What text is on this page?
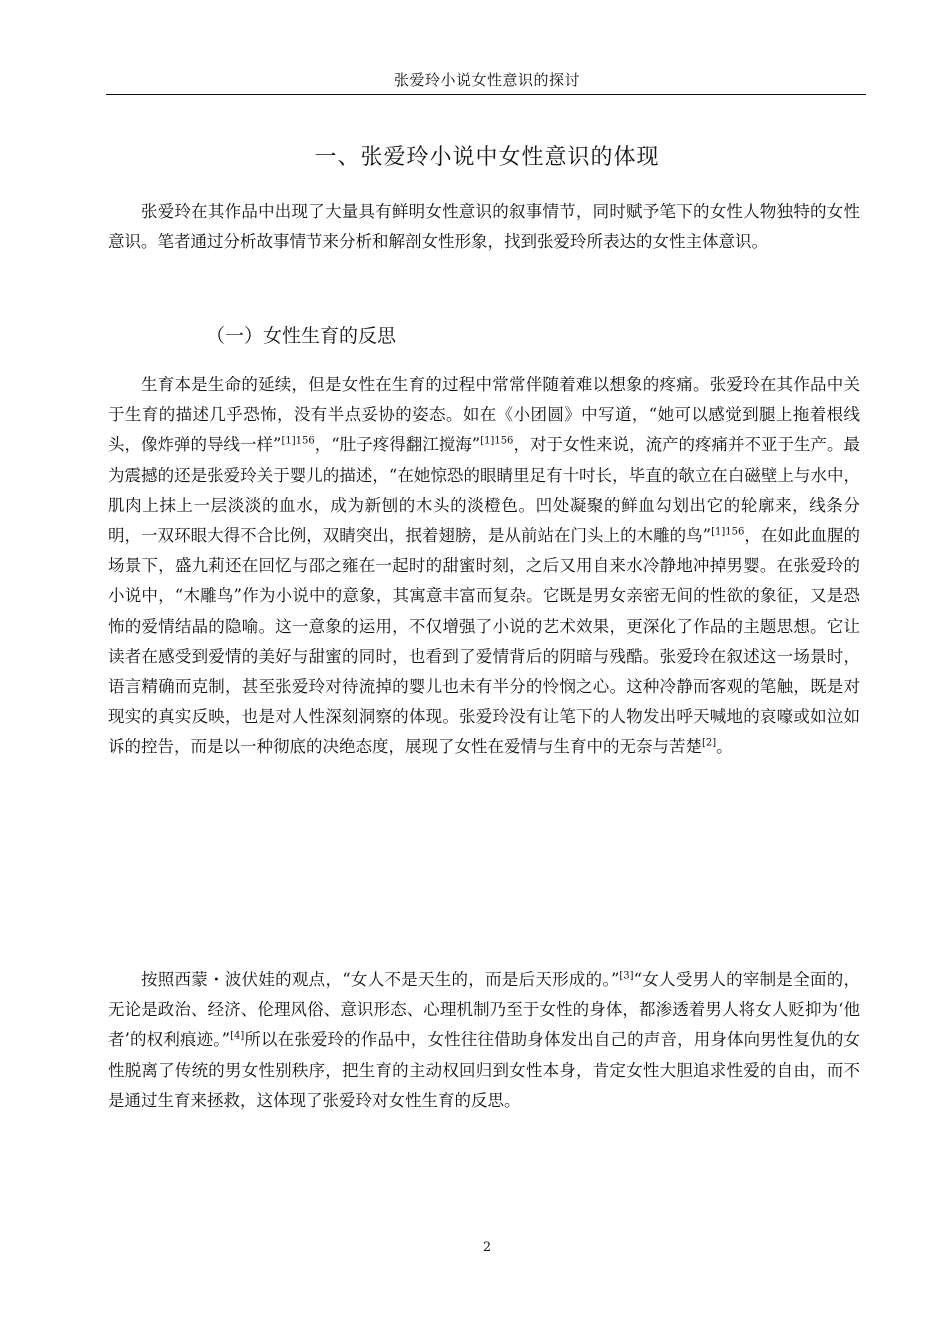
张爱玲小说女性意识的探讨
一、张爱玲小说中女性意识的体现

张爱玲在其作品中出现了大量具有鲜明女性意识的叙事情节，同时赋予笔下的女性人物独特的女性意识。笔者通过分析故事情节来分析和解剖女性形象，找到张爱玲所表达的女性主体意识。

（一）女性生育的反思

生育本是生命的延续，但是女性在生育的过程中常常伴随着难以想象的疼痛。张爱玲在其作品中关于生育的描述几乎恐怖，没有半点妥协的姿态。如在《小团圆》中写道，“她可以感觉到腿上拖着根线头，像炸弹的导线一样”$^{[1]156}$，“肚子疼得翻江搅海”$^{[1]156}$，对于女性来说，流产的疼痛并不亚于生产。最为震撼的还是张爱玲关于婴儿的描述，“在她惊恐的眼睛里足有十吋长，毕直的欹立在白磁壁上与水中，肌肉上抹上一层淡淡的血水，成为新刨的木头的淡橙色。凹处凝聚的鲜血勾划出它的轮廓来，线条分明，一双环眼大得不合比例，双睛突出，抿着翅膀，是从前站在门头上的木雕的鸟”$^{[1]156}$，在如此血腥的场景下，盛九莉还在回忆与邵之雍在一起时的甜蜜时刻，之后又用自来水冷静地冲掉男婴。在张爱玲的小说中，“木雕鸟”作为小说中的意象，其寓意丰富而复杂。它既是男女亲密无间的性欲的象征，又是恐怖的爱情结晶的隐喻。这一意象的运用，不仅增强了小说的艺术效果，更深化了作品的主题思想。它让读者在感受到爱情的美好与甜蜜的同时，也看到了爱情背后的阴暗与残酷。张爱玲在叙述这一场景时，语言精确而克制，甚至张爱玲对待流掉的婴儿也未有半分的怜悯之心。这种冷静而客观的笔触，既是对现实的真实反映，也是对人性深刻洞察的体现。张爱玲没有让笔下的人物发出呼天喊地的哀嚎或如泣如诉的控告，而是以一种彻底的决绝态度，展现了女性在爱情与生育中的无奈与苦楚[2]。

按照西蒙・波伏娃的观点，“女人不是天生的，而是后天形成的。”[3]“女人受男人的宰制是全面的，无论是政治、经济、伦理风俗、意识形态、心理机制乃至于女性的身体，都渗透着男人将女人贬抑为‘他者’的权利痕迹。”[4]所以在张爱玲的作品中，女性往往借助身体发出自己的声音，用身体向男性复仇的女性脱离了传统的男女性别秩序，把生育的主动权回归到女性本身，肯定女性大胆追求性爱的自由，而不是通过生育来拯救，这体现了张爱玲对女性生育的反思。

2
